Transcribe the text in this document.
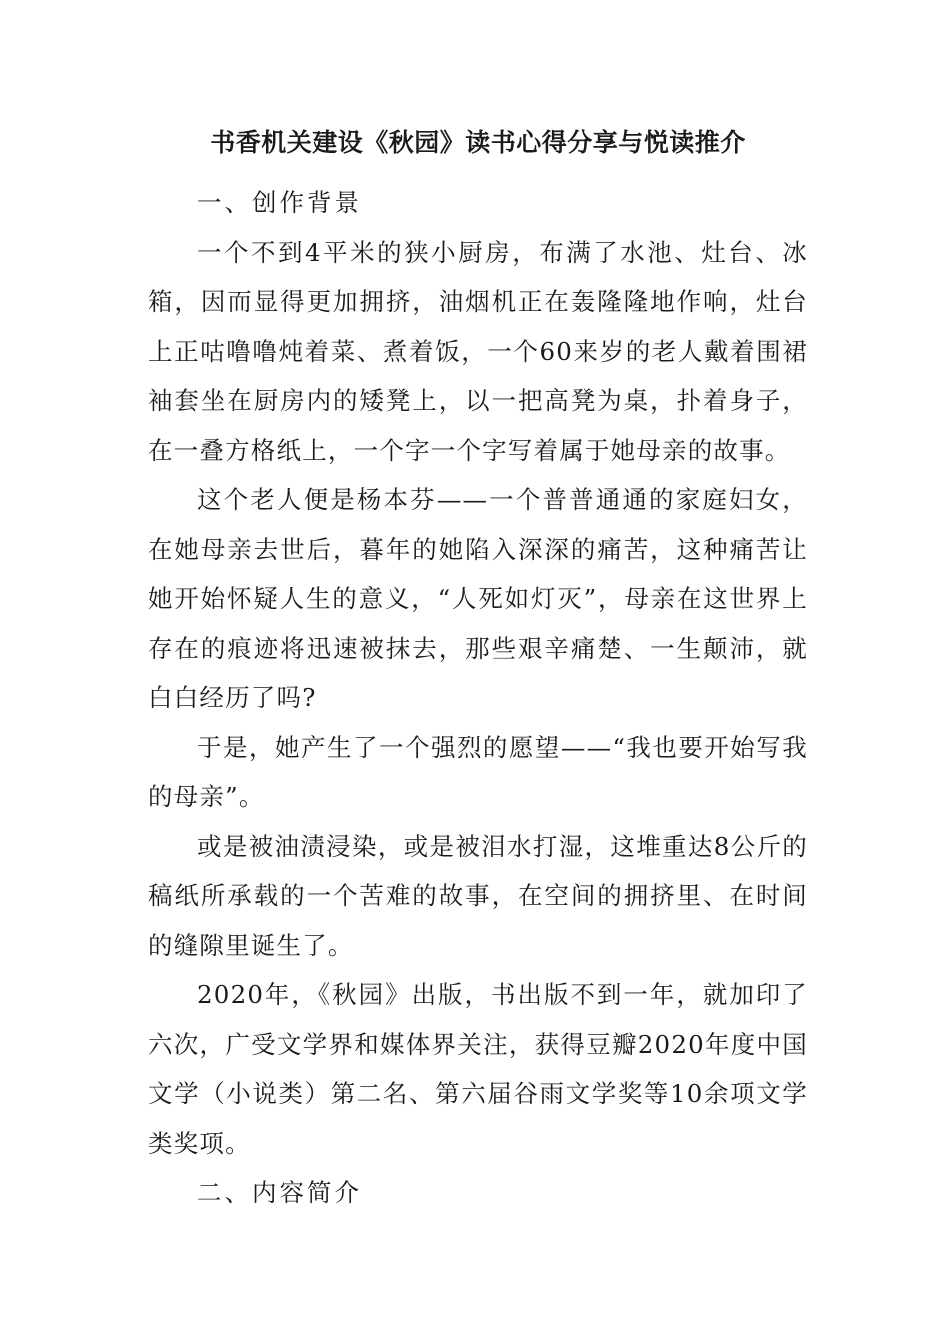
书香机关建设《秋园》读书心得分享与悦读推介

一、创作背景

一个不到4平米的狭小厨房，布满了水池、灶台、冰箱，因而显得更加拥挤，油烟机正在轰隆隆地作响，灶台上正咕噜噜炖着菜、煮着饭，一个60来岁的老人戴着围裙袖套坐在厨房内的矮凳上，以一把高凳为桌，扑着身子，在一叠方格纸上，一个字一个字写着属于她母亲的故事。

这个老人便是杨本芬——一个普普通通的家庭妇女，在她母亲去世后，暮年的她陷入深深的痛苦，这种痛苦让她开始怀疑人生的意义，“人死如灯灭”，母亲在这世界上存在的痕迹将迅速被抹去，那些艰辛痛楚、一生颠沛，就白白经历了吗?

于是，她产生了一个强烈的愿望——“我也要开始写我的母亲”。

或是被油渍浸染，或是被泪水打湿，这堆重达8公斤的稿纸所承载的一个苦难的故事，在空间的拥挤里、在时间的缝隙里诞生了。

2020年，《秋园》出版，书出版不到一年，就加印了六次，广受文学界和媒体界关注，获得豆瓣2020年度中国文学（小说类）第二名、第六届谷雨文学奖等10余项文学类奖项。

二、内容简介
